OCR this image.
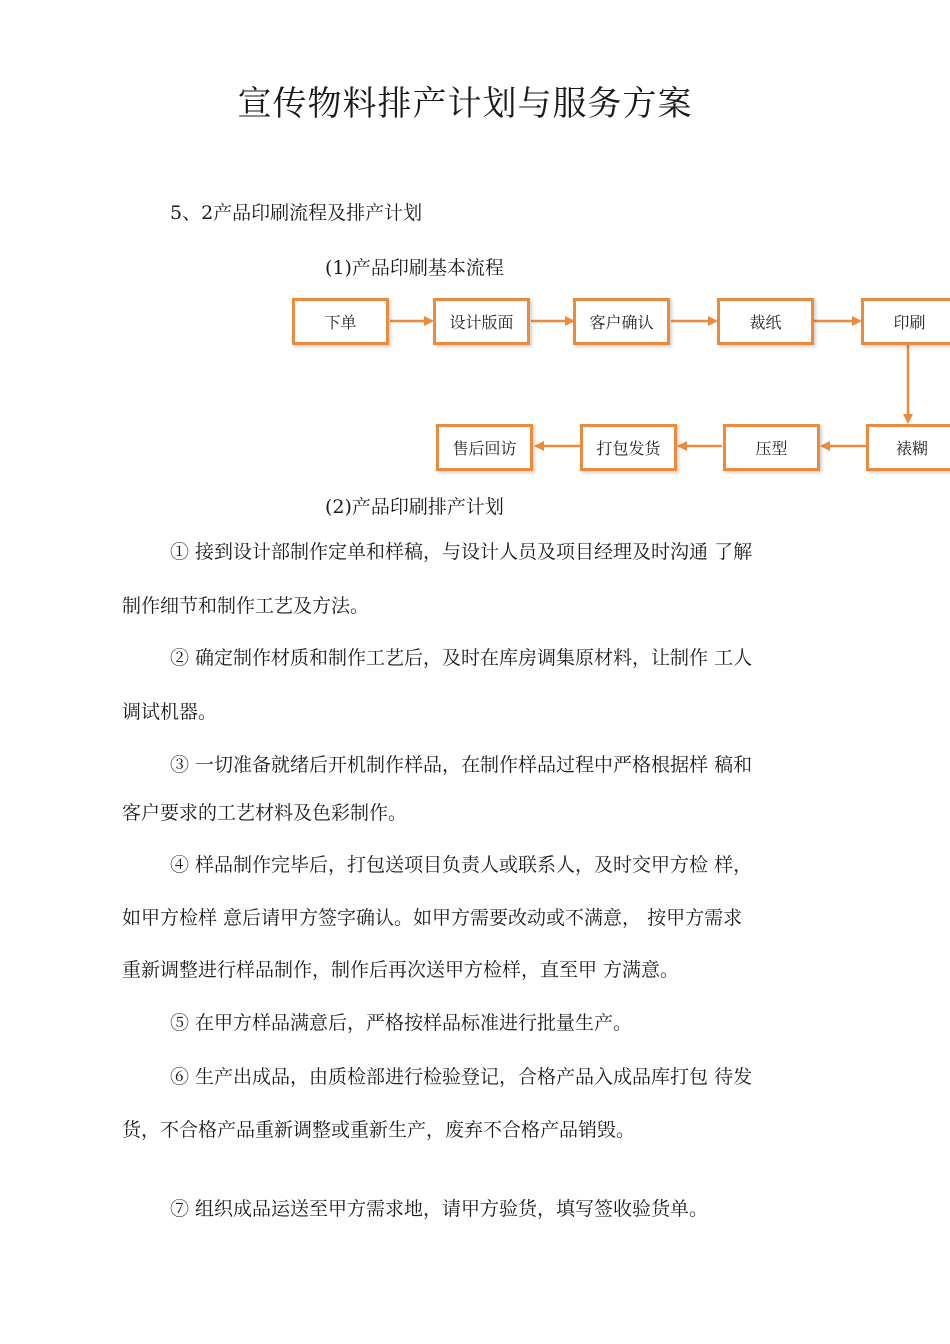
宣传物料排产计划与服务方案
5、2产品印刷流程及排产计划
(1)产品印刷基本流程
下单	设计版面	客户确认	裁纸	印刷
售后回访	打包发货	压型	裱糊
(2)产品印刷排产计划
① 接到设计部制作定单和样稿，与设计人员及项目经理及时沟通 了解
制作细节和制作工艺及方法。
② 确定制作材质和制作工艺后，及时在库房调集原材料，让制作 工人
调试机器。
③ 一切准备就绪后开机制作样品，在制作样品过程中严格根据样 稿和
客户要求的工艺材料及色彩制作。
④ 样品制作完毕后，打包送项目负责人或联系人，及时交甲方检 样，
如甲方检样 意后请甲方签字确认。如甲方需要改动或不满意， 按甲方需求
重新调整进行样品制作，制作后再次送甲方检样，直至甲 方满意。
⑤ 在甲方样品满意后，严格按样品标准进行批量生产。
⑥ 生产出成品，由质检部进行检验登记，合格产品入成品库打包 待发
货，不合格产品重新调整或重新生产，废弃不合格产品销毁。
⑦ 组织成品运送至甲方需求地，请甲方验货，填写签收验货单。
